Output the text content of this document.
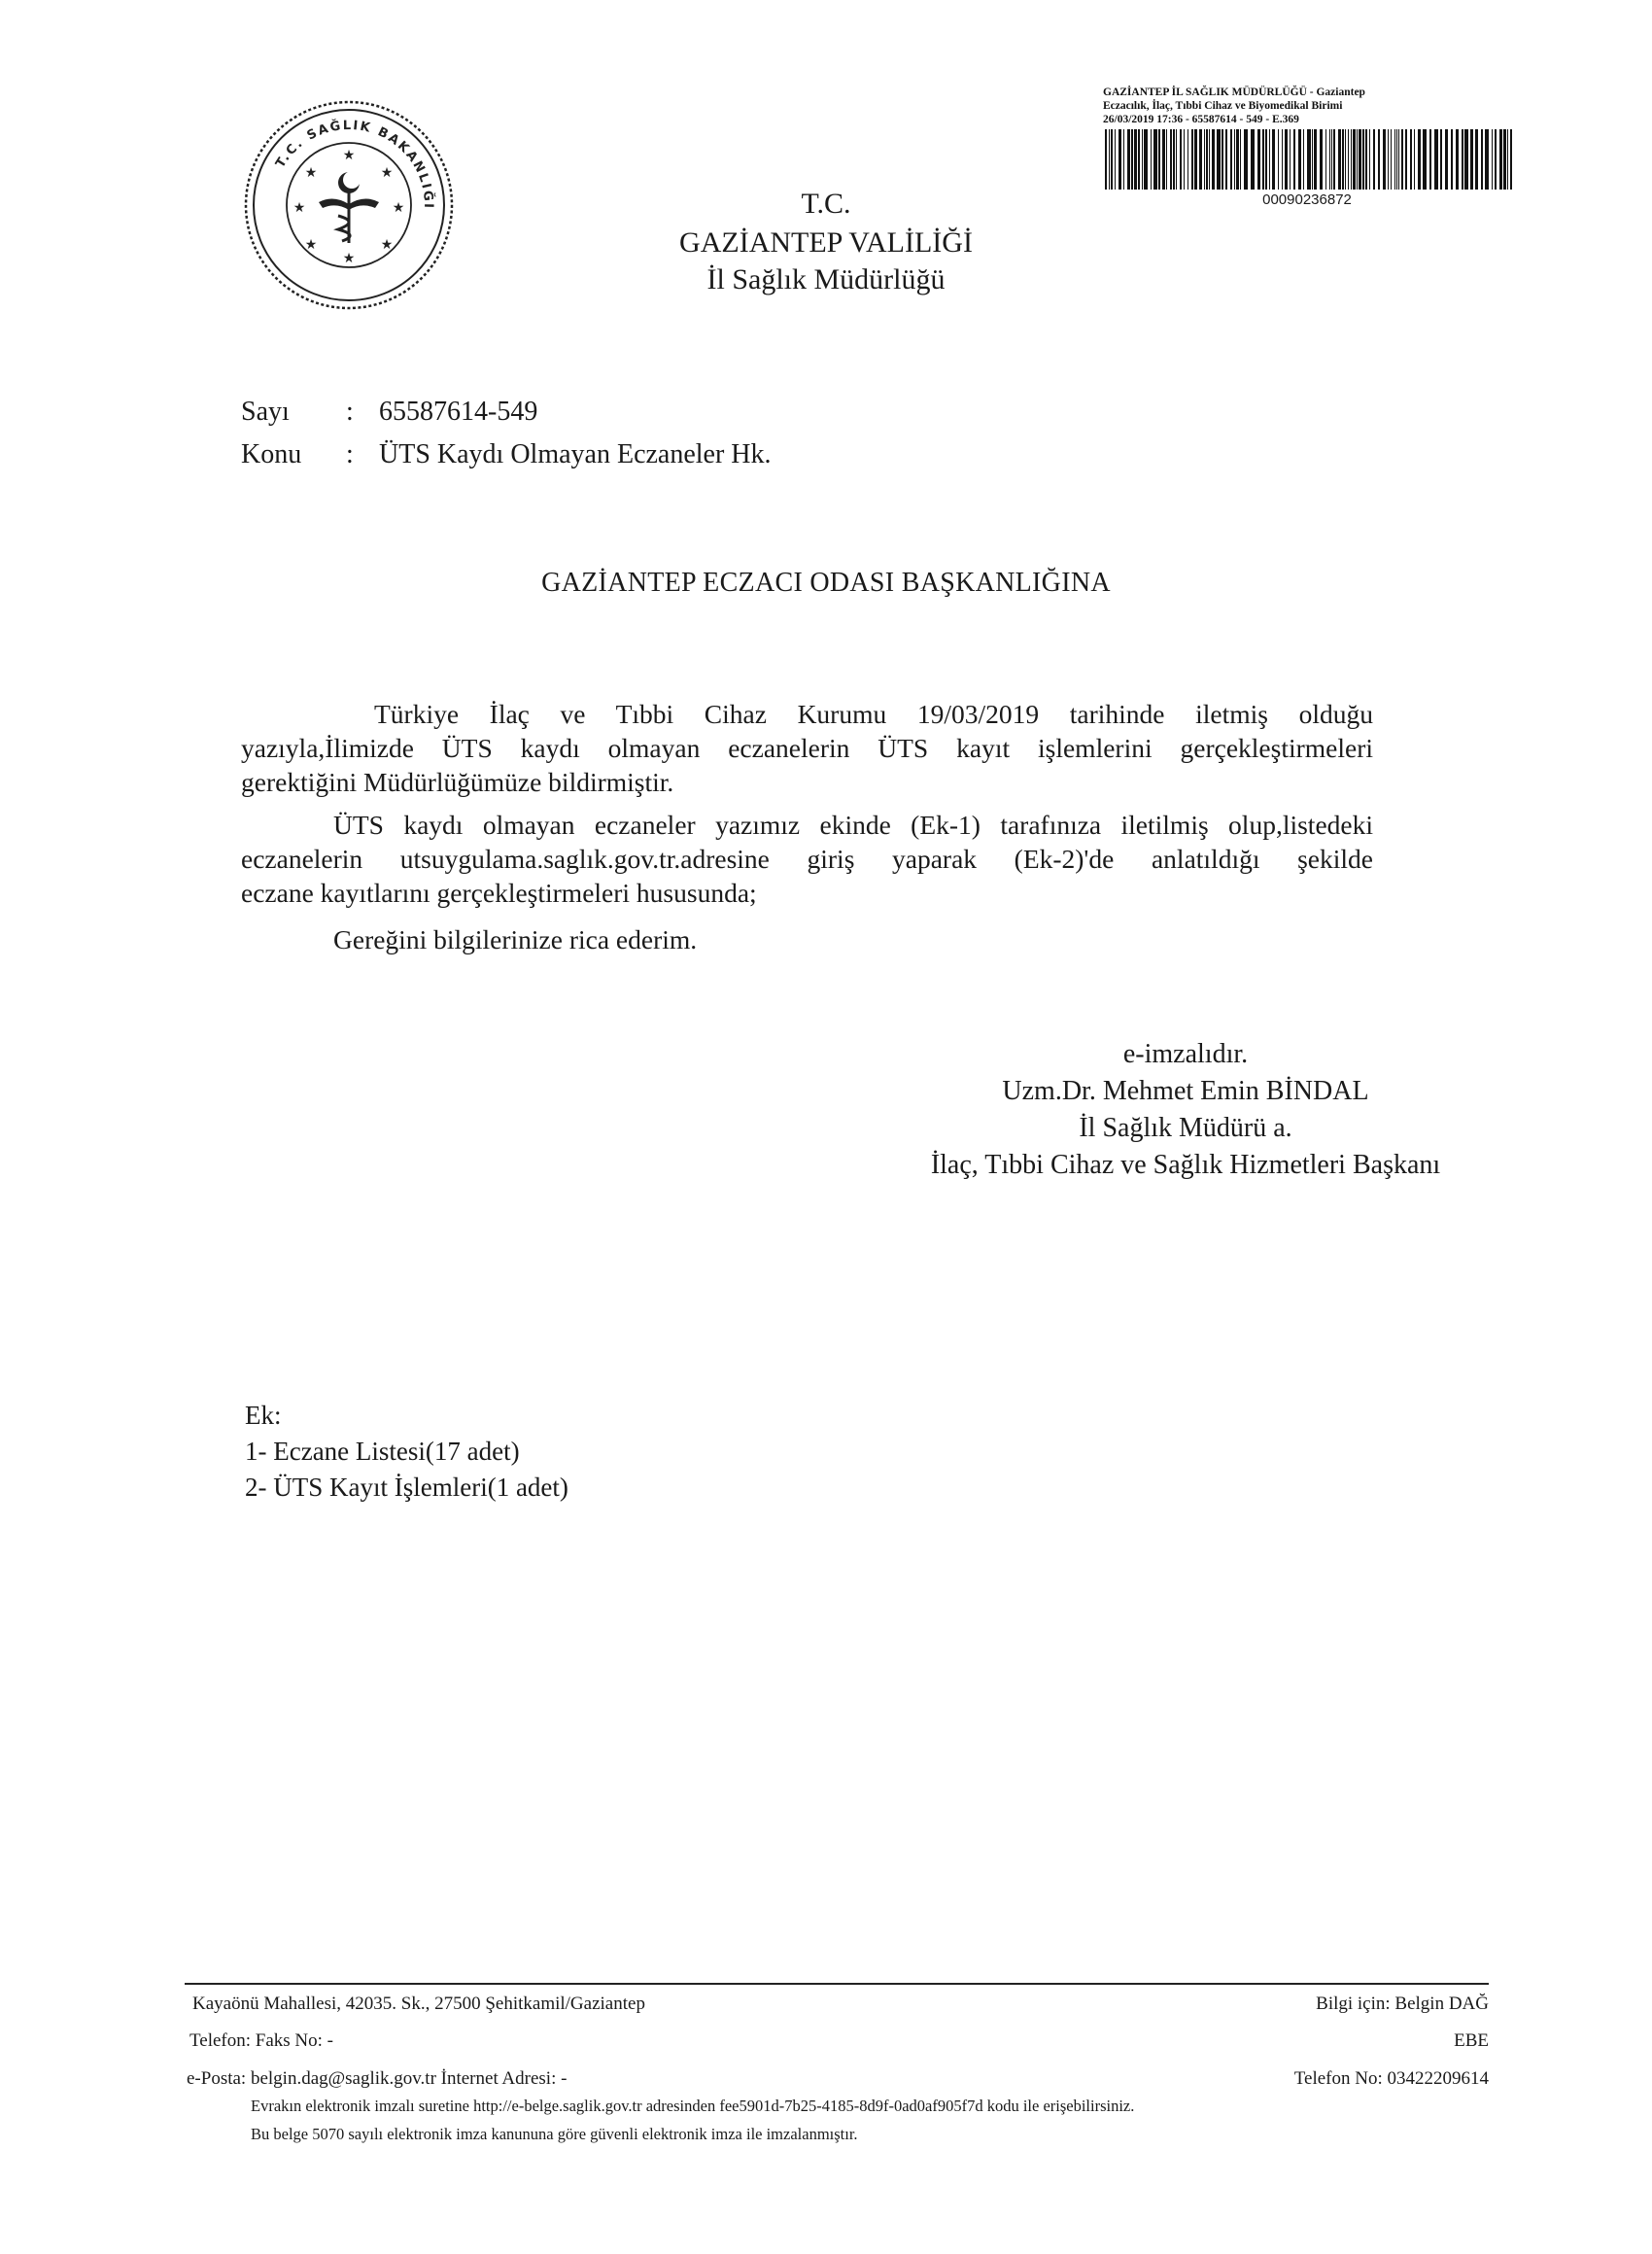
T.C. SAĞLIK BAKANLIĞI
★
★	★
★	★
★	★
★
T.C.
GAZİANTEP VALİLİĞİ
İl Sağlık Müdürlüğü
GAZİANTEP İL SAĞLIK MÜDÜRLÜĞÜ - Gaziantep
Eczacılık, İlaç, Tıbbi Cihaz ve Biyomedikal Birimi
26/03/2019 17:36 - 65587614 - 549 - E.369
00090236872
Sayı : 65587614-549
Konu : ÜTS Kaydı Olmayan Eczaneler Hk.
GAZİANTEP ECZACI ODASI BAŞKANLIĞINA
Türkiye İlaç ve Tıbbi Cihaz Kurumu 19/03/2019 tarihinde iletmiş olduğu
yazıyla,İlimizde ÜTS kaydı olmayan eczanelerin ÜTS kayıt işlemlerini gerçekleştirmeleri
gerektiğini Müdürlüğümüze bildirmiştir.
ÜTS kaydı olmayan eczaneler yazımız ekinde (Ek-1) tarafınıza iletilmiş olup,listedeki
eczanelerin utsuygulama.saglık.gov.tr.adresine giriş yaparak (Ek-2)'de anlatıldığı şekilde
eczane kayıtlarını gerçekleştirmeleri hususunda;
Gereğini bilgilerinize rica ederim.
e-imzalıdır.
Uzm.Dr. Mehmet Emin BİNDAL
İl Sağlık Müdürü a.
İlaç, Tıbbi Cihaz ve Sağlık Hizmetleri Başkanı
Ek:
1- Eczane Listesi(17 adet)
2- ÜTS Kayıt İşlemleri(1 adet)
Kayaönü Mahallesi, 42035. Sk., 27500 Şehitkamil/Gaziantep	Bilgi için: Belgin DAĞ
Telefon: Faks No: -	EBE
e-Posta: belgin.dag@saglik.gov.tr İnternet Adresi: -	Telefon No: 03422209614
Evrakın elektronik imzalı suretine http://e-belge.saglik.gov.tr adresinden fee5901d-7b25-4185-8d9f-0ad0af905f7d kodu ile erişebilirsiniz.
Bu belge 5070 sayılı elektronik imza kanununa göre güvenli elektronik imza ile imzalanmıştır.
